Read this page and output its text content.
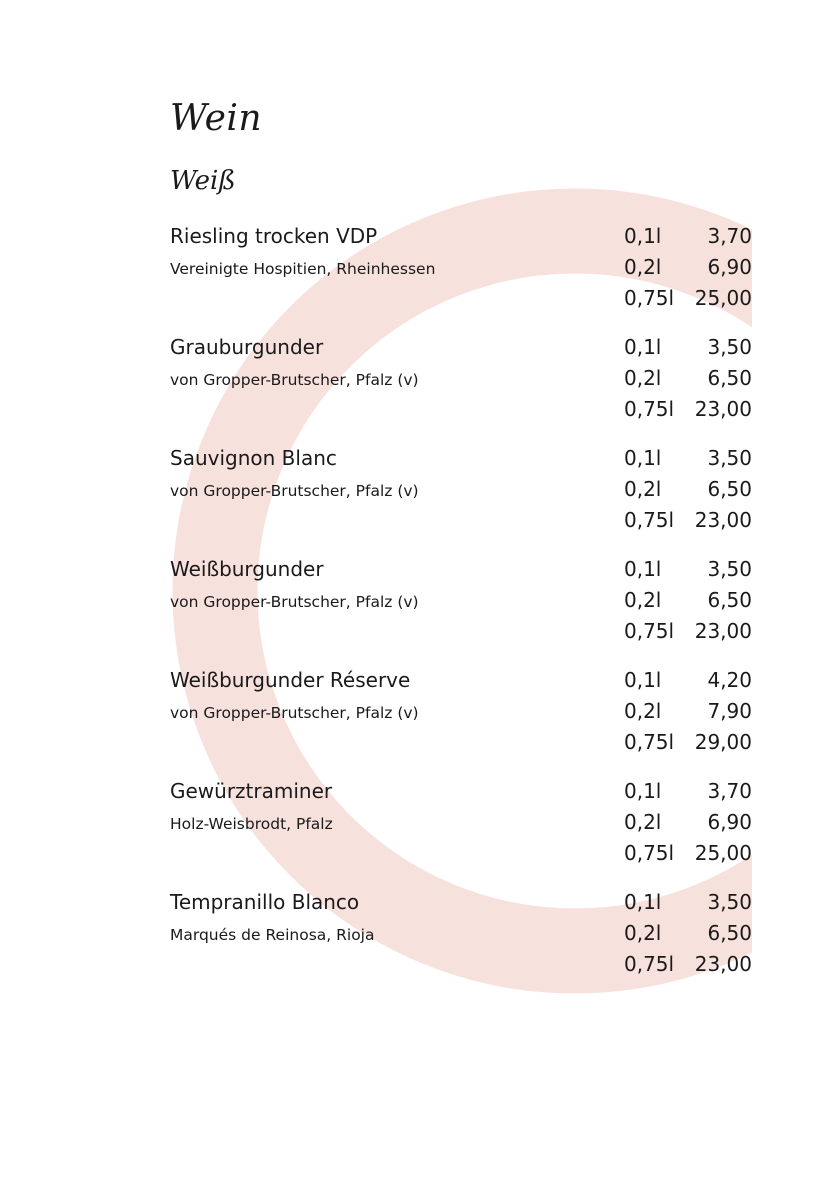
Wein
Weiß
Riesling trocken VDP
Vereinigte Hospitien, Rheinhessen
0,1l 3,70
0,2l 6,90
0,75l 25,00
Grauburgunder
von Gropper-Brutscher, Pfalz (v)
0,1l 3,50
0,2l 6,50
0,75l 23,00
Sauvignon Blanc
von Gropper-Brutscher, Pfalz (v)
0,1l 3,50
0,2l 6,50
0,75l 23,00
Weißburgunder
von Gropper-Brutscher, Pfalz (v)
0,1l 3,50
0,2l 6,50
0,75l 23,00
Weißburgunder Réserve
von Gropper-Brutscher, Pfalz (v)
0,1l 4,20
0,2l 7,90
0,75l 29,00
Gewürztraminer
Holz-Weisbrodt, Pfalz
0,1l 3,70
0,2l 6,90
0,75l 25,00
Tempranillo Blanco
Marqués de Reinosa, Rioja
0,1l 3,50
0,2l 6,50
0,75l 23,00
